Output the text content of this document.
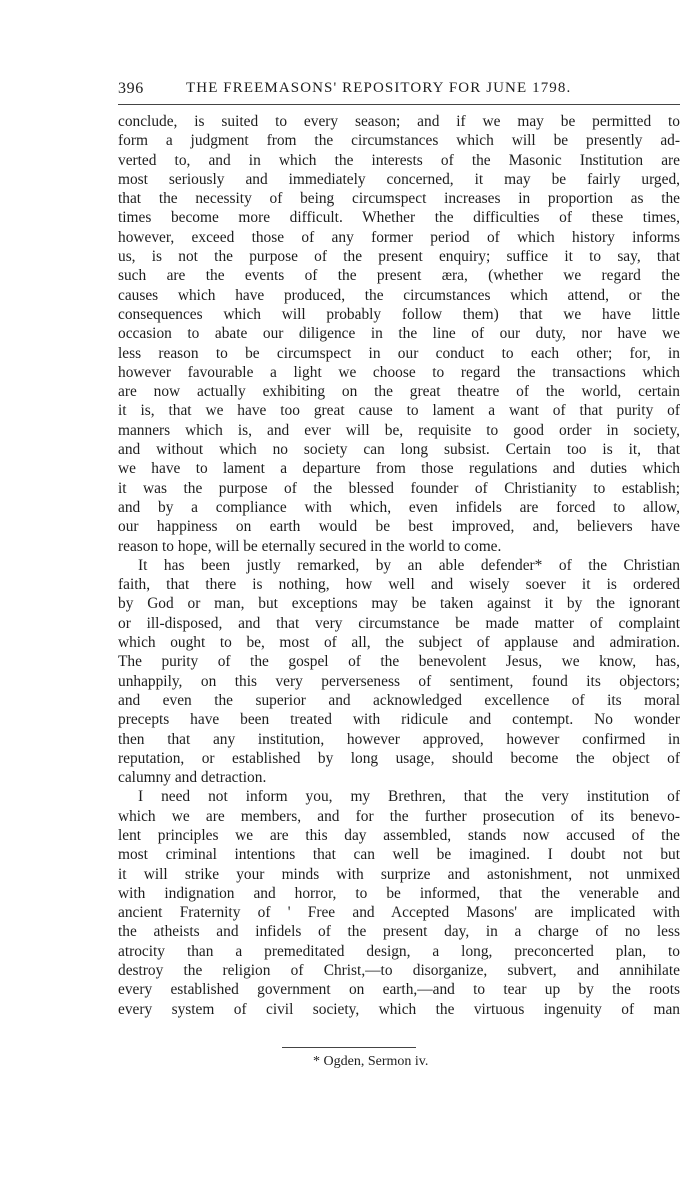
396	THE FREEMASONS' REPOSITORY FOR JUNE 1798.
conclude, is suited to every season; and if we may be permitted to
form a judgment from the circumstances which will be presently ad-
verted to, and in which the interests of the Masonic Institution are
most seriously and immediately concerned, it may be fairly urged,
that the necessity of being circumspect increases in proportion as the
times become more difficult. Whether the difficulties of these times,
however, exceed those of any former period of which history informs
us, is not the purpose of the present enquiry; suffice it to say, that
such are the events of the present æra, (whether we regard the
causes which have produced, the circumstances which attend, or the
consequences which will probably follow them) that we have little
occasion to abate our diligence in the line of our duty, nor have we
less reason to be circumspect in our conduct to each other; for, in
however favourable a light we choose to regard the transactions which
are now actually exhibiting on the great theatre of the world, certain
it is, that we have too great cause to lament a want of that purity of
manners which is, and ever will be, requisite to good order in society,
and without which no society can long subsist. Certain too is it, that
we have to lament a departure from those regulations and duties which
it was the purpose of the blessed founder of Christianity to establish;
and by a compliance with which, even infidels are forced to allow,
our happiness on earth would be best improved, and, believers have
reason to hope, will be eternally secured in the world to come.
It has been justly remarked, by an able defender* of the Christian
faith, that there is nothing, how well and wisely soever it is ordered
by God or man, but exceptions may be taken against it by the ignorant
or ill-disposed, and that very circumstance be made matter of complaint
which ought to be, most of all, the subject of applause and admiration.
The purity of the gospel of the benevolent Jesus, we know, has,
unhappily, on this very perverseness of sentiment, found its objectors;
and even the superior and acknowledged excellence of its moral
precepts have been treated with ridicule and contempt. No wonder
then that any institution, however approved, however confirmed in
reputation, or established by long usage, should become the object of
calumny and detraction.
I need not inform you, my Brethren, that the very institution of
which we are members, and for the further prosecution of its benevo-
lent principles we are this day assembled, stands now accused of the
most criminal intentions that can well be imagined. I doubt not but
it will strike your minds with surprize and astonishment, not unmixed
with indignation and horror, to be informed, that the venerable and
ancient Fraternity of ' Free and Accepted Masons' are implicated with
the atheists and infidels of the present day, in a charge of no less
atrocity than a premeditated design, a long, preconcerted plan, to
destroy the religion of Christ,—to disorganize, subvert, and annihilate
every established government on earth,—and to tear up by the roots
every system of civil society, which the virtuous ingenuity of man
* Ogden, Sermon iv.
